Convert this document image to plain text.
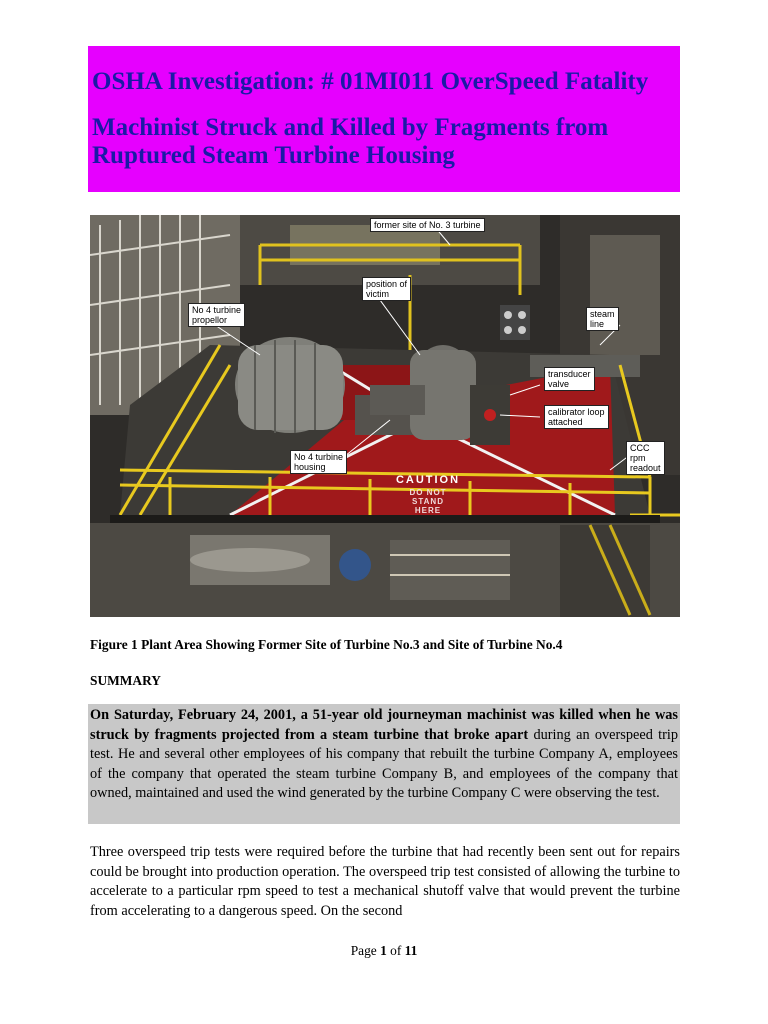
OSHA Investigation: # 01MI011 OverSpeed Fatality
Machinist Struck and Killed by Fragments from Ruptured Steam Turbine Housing
CAUTION
DO NOT
STAND
HERE
former site of No. 3 turbine
position of
victim
No 4 turbine
propellor
steam
line
transducer
valve
calibrator loop
attached
No 4 turbine
housing
CCC
rpm
readout
Figure 1 Plant Area Showing Former Site of Turbine No.3 and Site of Turbine No.4
SUMMARY
On Saturday, February 24, 2001, a 51-year old journeyman machinist was killed when he was struck by fragments projected from a steam turbine that broke apart during an overspeed trip test. He and several other employees of his company that rebuilt the turbine Company A, employees of the company that operated the steam turbine Company B, and employees of the company that owned, maintained and used the wind generated by the turbine Company C were observing the test.
Three overspeed trip tests were required before the turbine that had recently been sent out for repairs could be brought into production operation. The overspeed trip test consisted of allowing the turbine to accelerate to a particular rpm speed to test a mechanical shutoff valve that would prevent the turbine from accelerating to a dangerous speed. On the second
Page 1 of 11
